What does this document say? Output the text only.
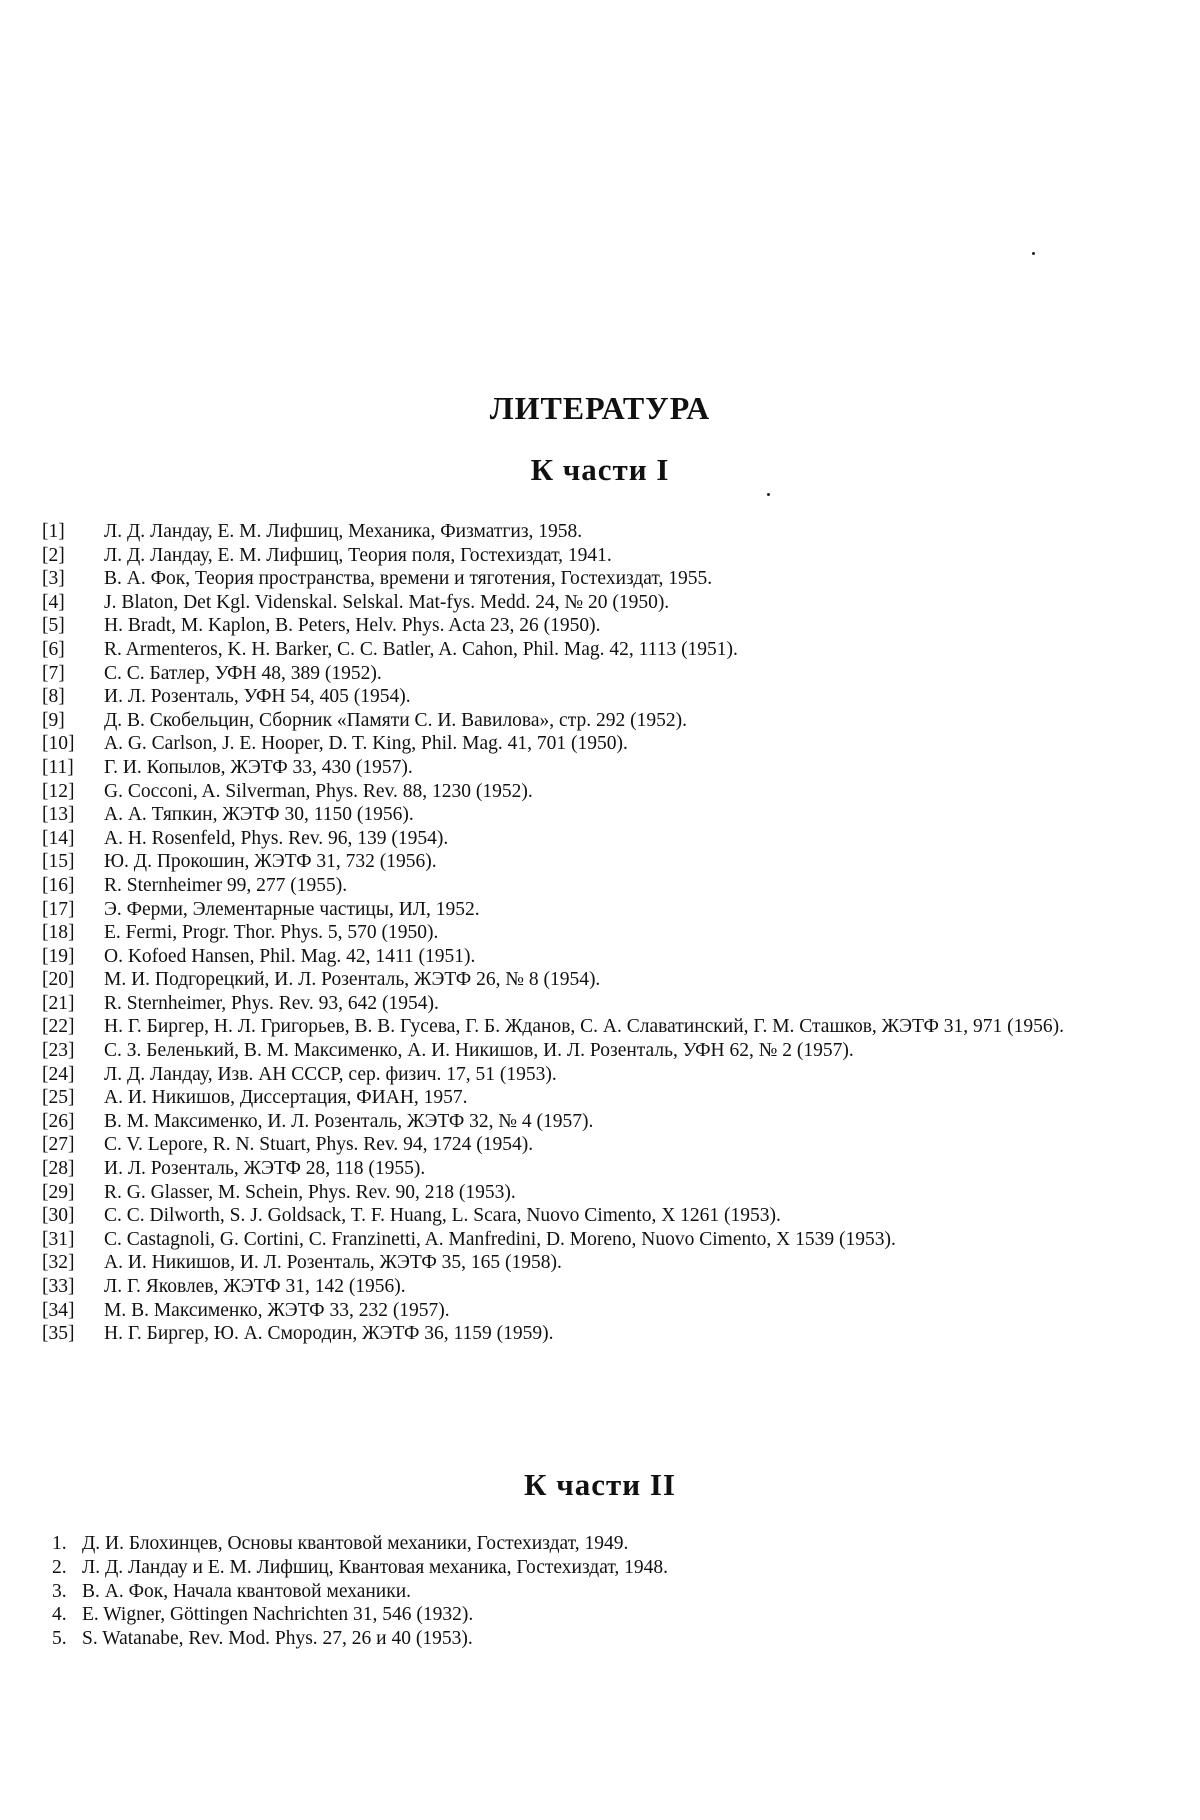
ЛИТЕРАТУРА
К части I
[1]	Л. Д. Ландау, Е. М. Лифшиц, Механика, Физматгиз, 1958.
[2]	Л. Д. Ландау, Е. М. Лифшиц, Теория поля, Гостехиздат, 1941.
[3]	В. А. Фок, Теория пространства, времени и тяготения, Гостехиздат, 1955.
[4]	J. Blaton, Det Kgl. Videnskal. Selskal. Mat-fys. Medd. 24, № 20 (1950).
[5]	H. Bradt, M. Kaplon, B. Peters, Helv. Phys. Acta 23, 26 (1950).
[6]	R. Armenteros, K. H. Barker, C. C. Batler, A. Cahon, Phil. Mag. 42, 1113 (1951).
[7]	С. С. Батлер, УФН 48, 389 (1952).
[8]	И. Л. Розенталь, УФН 54, 405 (1954).
[9]	Д. В. Скобельцин, Сборник «Памяти С. И. Вавилова», стр. 292 (1952).
[10]	A. G. Carlson, J. E. Hooper, D. T. King, Phil. Mag. 41, 701 (1950).
[11]	Г. И. Копылов, ЖЭТФ 33, 430 (1957).
[12]	G. Cocconi, A. Silverman, Phys. Rev. 88, 1230 (1952).
[13]	А. А. Тяпкин, ЖЭТФ 30, 1150 (1956).
[14]	A. H. Rosenfeld, Phys. Rev. 96, 139 (1954).
[15]	Ю. Д. Прокошин, ЖЭТФ 31, 732 (1956).
[16]	R. Sternheimer 99, 277 (1955).
[17]	Э. Ферми, Элементарные частицы, ИЛ, 1952.
[18]	E. Fermi, Progr. Thor. Phys. 5, 570 (1950).
[19]	O. Kofoed Hansen, Phil. Mag. 42, 1411 (1951).
[20]	М. И. Подгорецкий, И. Л. Розенталь, ЖЭТФ 26, № 8 (1954).
[21]	R. Sternheimer, Phys. Rev. 93, 642 (1954).
[22]	Н. Г. Биргер, Н. Л. Григорьев, В. В. Гусева, Г. Б. Жданов, С. А. Славатинский, Г. М. Сташков, ЖЭТФ 31, 971 (1956).
[23]	С. З. Беленький, В. М. Максименко, А. И. Никишов, И. Л. Розенталь, УФН 62, № 2 (1957).
[24]	Л. Д. Ландау, Изв. АН СССР, сер. физич. 17, 51 (1953).
[25]	А. И. Никишов, Диссертация, ФИАН, 1957.
[26]	В. М. Максименко, И. Л. Розенталь, ЖЭТФ 32, № 4 (1957).
[27]	C. V. Lepore, R. N. Stuart, Phys. Rev. 94, 1724 (1954).
[28]	И. Л. Розенталь, ЖЭТФ 28, 118 (1955).
[29]	R. G. Glasser, M. Schein, Phys. Rev. 90, 218 (1953).
[30]	C. C. Dilworth, S. J. Goldsack, T. F. Huang, L. Scara, Nuovo Cimento, X 1261 (1953).
[31]	C. Castagnoli, G. Cortini, C. Franzinetti, A. Manfredini, D. Moreno, Nuovo Cimento, X 1539 (1953).
[32]	А. И. Никишов, И. Л. Розенталь, ЖЭТФ 35, 165 (1958).
[33]	Л. Г. Яковлев, ЖЭТФ 31, 142 (1956).
[34]	М. В. Максименко, ЖЭТФ 33, 232 (1957).
[35]	Н. Г. Биргер, Ю. А. Смородин, ЖЭТФ 36, 1159 (1959).
К части II
1. Д. И. Блохинцев, Основы квантовой механики, Гостехиздат, 1949.
2. Л. Д. Ландау и Е. М. Лифшиц, Квантовая механика, Гостехиздат, 1948.
3. В. А. Фок, Начала квантовой механики.
4. E. Wigner, Göttingen Nachrichten 31, 546 (1932).
5. S. Watanabe, Rev. Mod. Phys. 27, 26 и 40 (1953).
